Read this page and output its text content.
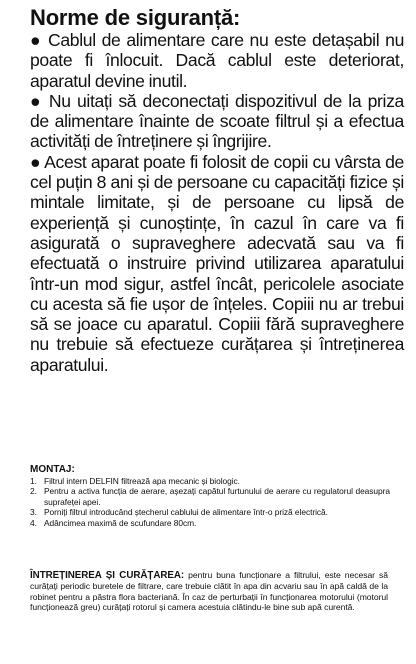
Norme de siguranță:

● Cablul de alimentare care nu este detașabil nu poate fi înlocuit. Dacă cablul este deteriorat, aparatul devine inutil.

● Nu uitați să deconectați dispozitivul de la priza de alimentare înainte de scoate filtrul și a efectua activități de întreținere și îngrijire.

● Acest aparat poate fi folosit de copii cu vârsta de cel puțin 8 ani și de persoane cu capacități fizice și mintale limitate, și de persoane cu lipsă de experiență și cunoștințe, în cazul în care va fi asigurată o supraveghere adecvată sau va fi efectuată o instruire privind utilizarea aparatului într-un mod sigur, astfel încât, pericolele asociate cu acesta să fie ușor de înțeles. Copiii nu ar trebui să se joace cu aparatul. Copiii fără supraveghere nu trebuie să efectueze curățarea și întreținerea aparatului.

MONTAJ:
1. Filtrul intern DELFIN filtrează apa mecanic și biologic.
2. Pentru a activa funcția de aerare, așezați capătul furtunului de aerare cu regulatorul deasupra suprafeței apei.
3. Porniți filtrul introducând ștecherul cablului de alimentare într-o priză electrică.
4. Adâncimea maximă de scufundare 80cm.
ÎNTREȚINEREA ȘI CURĂȚAREA: pentru buna funcționare a filtrului, este necesar să curățați periodic buretele de filtrare, care trebuie clătit în apa din acvariu sau în apă caldă de la robinet pentru a păstra flora bacteriană. În caz de perturbații în funcționarea motorului (motorul funcționează greu) curățați rotorul și camera acestuia clătindu-le bine sub apă curentă.
